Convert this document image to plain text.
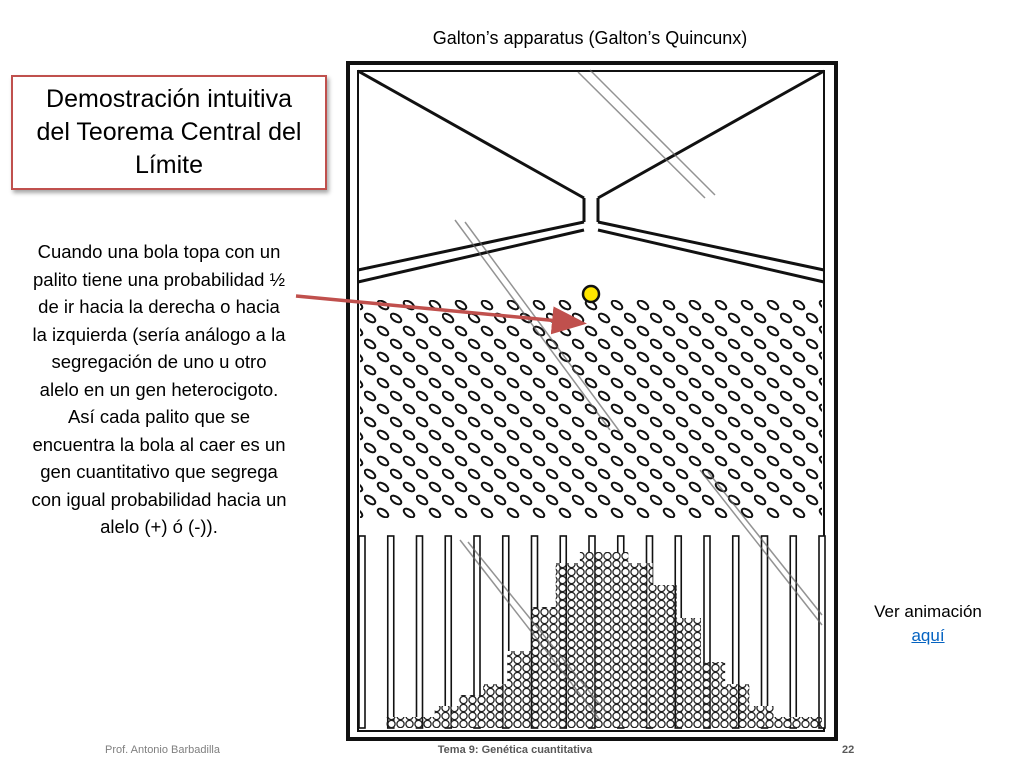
Galton’s apparatus (Galton’s Quincunx)
Demostración intuitiva del Teorema Central del Límite
Cuando una bola topa con un palito tiene una probabilidad ½ de ir hacia la derecha o hacia la izquierda (sería análogo a la segregación de uno u otro alelo en un gen heterocigoto. Así cada palito que se encuentra la bola al caer es un gen cuantitativo que segrega con igual probabilidad hacia un alelo (+) ó (-)).
Ver animación
aquí
Prof. Antonio Barbadilla	Tema 9: Genética cuantitativa	22
